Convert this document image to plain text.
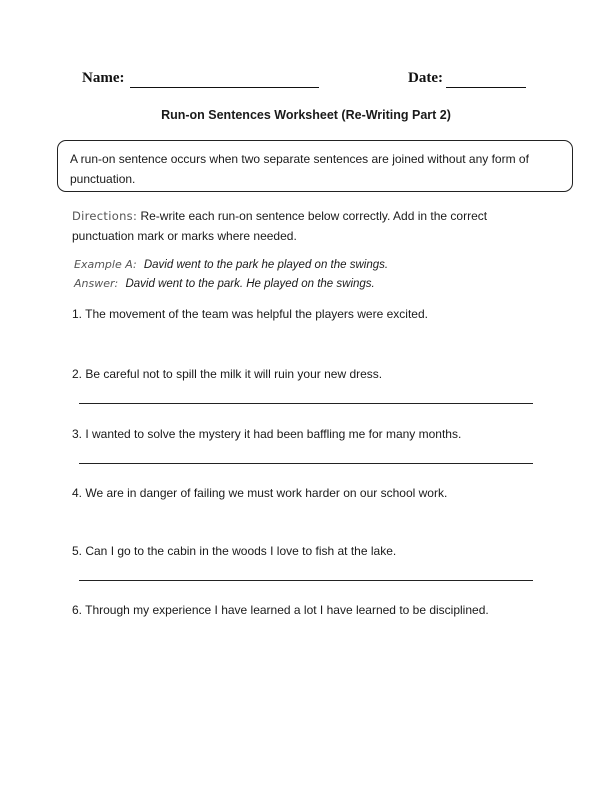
Name:	Date:
Run-on Sentences Worksheet (Re-Writing Part 2)
A run-on sentence occurs when two separate sentences are joined without any form of punctuation.
Directions: Re-write each run-on sentence below correctly. Add in the correct punctuation mark or marks where needed.
Example A: David went to the park he played on the swings.
Answer: David went to the park. He played on the swings.
1. The movement of the team was helpful the players were excited.
2. Be careful not to spill the milk it will ruin your new dress.
3. I wanted to solve the mystery it had been baffling me for many months.
4. We are in danger of failing we must work harder on our school work.
5. Can I go to the cabin in the woods I love to fish at the lake.
6. Through my experience I have learned a lot I have learned to be disciplined.
